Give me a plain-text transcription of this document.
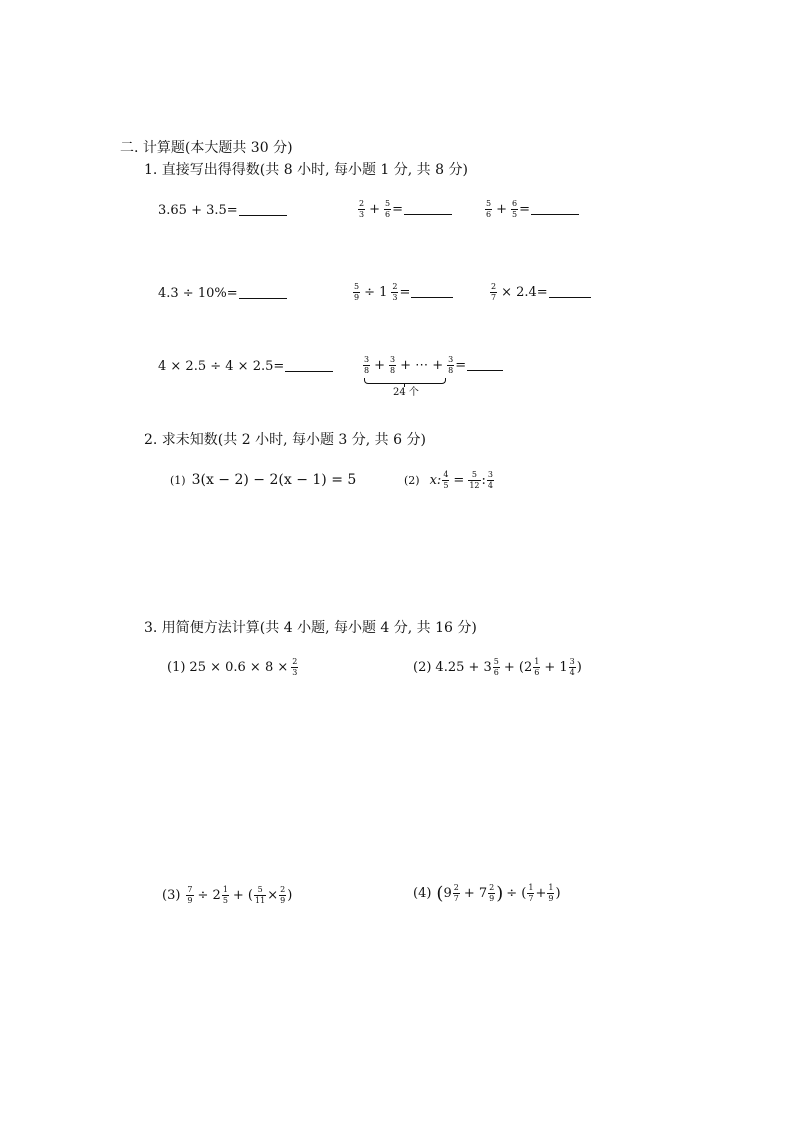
二. 计算题(本大题共 30 分)
1. 直接写出得得数(共 8 小时, 每小题 1 分, 共 8 分)
3.65 + 3.5=	$\frac{2}{3} + \frac{5}{6}$ =	$\frac{5}{6} + \frac{6}{5}$ =
4.3 ÷ 10%=	$\frac{5}{9} \div 1 \frac{2}{3}$ =	$\frac{2}{7} \times 2.4=$
4 × 2.5 ÷ 4 × 2.5=	$\frac{3}{8} + \frac{3}{8}$ + ⋯ + $\frac{3}{8}$ =
24 个
2. 求未知数(共 2 小时, 每小题 3 分, 共 6 分)
(1) 3(x − 2) − 2(x − 1) = 5	(2) x: $\frac{4}{5} = \frac{5}{12}$ : $\frac{3}{4}$
3. 用简便方法计算(共 4 小题, 每小题 4 分, 共 16 分)
(1) $25 \times 0.6 \times 8 \times \frac{2}{3}$	(2) $4.25 + 3 \frac{5}{6} + (2 \frac{1}{6} + 1 \frac{3}{4}$ )
$(3) \frac{7}{9} \div 2 \frac{1}{5}$ + ( $\frac{5}{11} \times \frac{2}{9}$ )	(4) ( $9 \frac{2}{7} + 7 \frac{2}{9}$ ) ÷ ( $\frac{1}{7} + \frac{1}{9}$ )
